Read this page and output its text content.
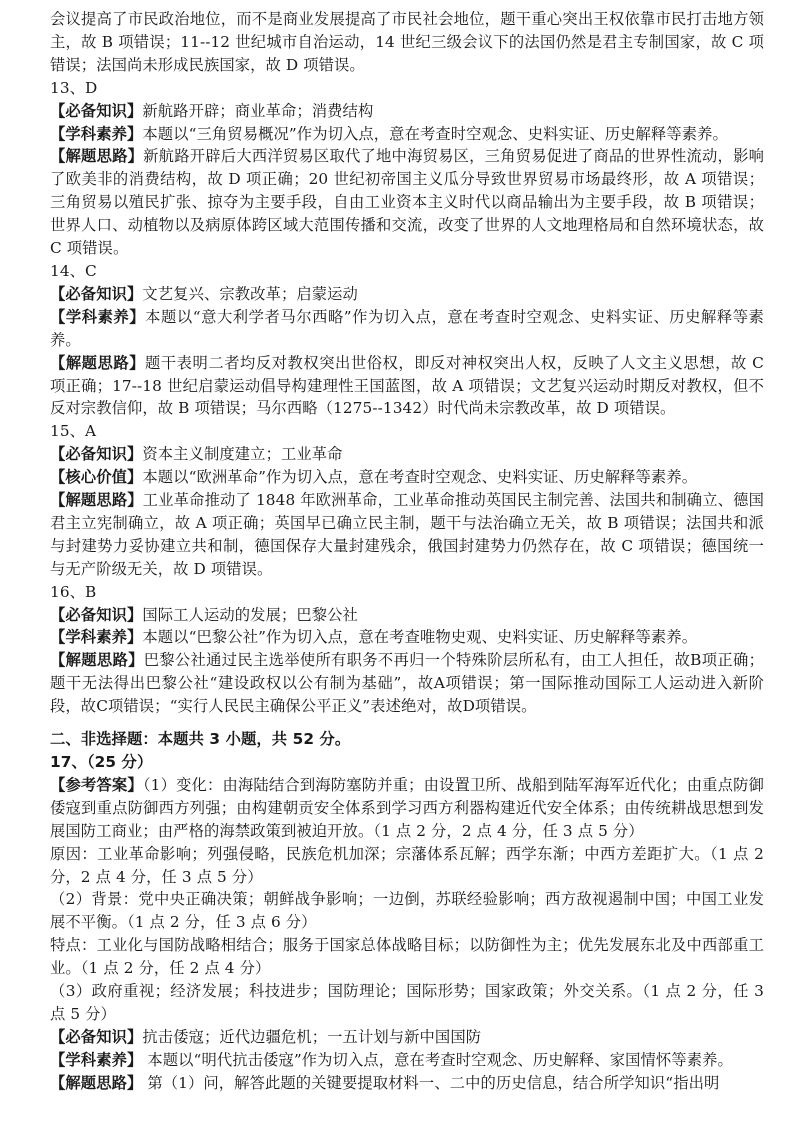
会议提高了市民政治地位，而不是商业发展提高了市民社会地位，题干重心突出王权依靠市民打击地方领主，故 B 项错误；11--12 世纪城市自治运动，14 世纪三级会议下的法国仍然是君主专制国家，故 C 项错误；法国尚未形成民族国家，故 D 项错误。

13、D

【必备知识】新航路开辟；商业革命；消费结构

【学科素养】本题以“三角贸易概况”作为切入点，意在考查时空观念、史料实证、历史解释等素养。

【解题思路】新航路开辟后大西洋贸易区取代了地中海贸易区，三角贸易促进了商品的世界性流动，影响了欧美非的消费结构，故 D 项正确；20 世纪初帝国主义瓜分导致世界贸易市场最终形，故 A 项错误；三角贸易以殖民扩张、掠夺为主要手段，自由工业资本主义时代以商品输出为主要手段，故 B 项错误；世界人口、动植物以及病原体跨区域大范围传播和交流，改变了世界的人文地理格局和自然环境状态，故 C 项错误。

14、C

【必备知识】文艺复兴、宗教改革；启蒙运动

【学科素养】本题以“意大利学者马尔西略”作为切入点，意在考查时空观念、史料实证、历史解释等素养。

【解题思路】题干表明二者均反对教权突出世俗权，即反对神权突出人权，反映了人文主义思想，故 C 项正确；17--18 世纪启蒙运动倡导构建理性王国蓝图，故 A 项错误；文艺复兴运动时期反对教权，但不反对宗教信仰，故 B 项错误；马尔西略（1275--1342）时代尚未宗教改革，故 D 项错误。

15、A

【必备知识】资本主义制度建立；工业革命

【核心价值】本题以“欧洲革命”作为切入点，意在考查时空观念、史料实证、历史解释等素养。

【解题思路】工业革命推动了 1848 年欧洲革命，工业革命推动英国民主制完善、法国共和制确立、德国君主立宪制确立，故 A 项正确；英国早已确立民主制，题干与法治确立无关，故 B 项错误；法国共和派与封建势力妥协建立共和制，德国保存大量封建残余，俄国封建势力仍然存在，故 C 项错误；德国统一与无产阶级无关，故 D 项错误。

16、B

【必备知识】国际工人运动的发展；巴黎公社

【学科素养】本题以“巴黎公社”作为切入点，意在考查唯物史观、史料实证、历史解释等素养。

【解题思路】巴黎公社通过民主选举使所有职务不再归一个特殊阶层所私有，由工人担任，故B项正确；题干无法得出巴黎公社“建设政权以公有制为基础”，故A项错误；第一国际推动国际工人运动进入新阶段，故C项错误；“实行人民民主确保公平正义”表述绝对，故D项错误。

二、非选择题：本题共 3 小题，共 52 分。

17、（25 分）

【参考答案】（1）变化：由海陆结合到海防塞防并重；由设置卫所、战船到陆军海军近代化；由重点防御倭寇到重点防御西方列强；由构建朝贡安全体系到学习西方利器构建近代安全体系；由传统耕战思想到发展国防工商业；由严格的海禁政策到被迫开放。（1 点 2 分，2 点 4 分，任 3 点 5 分）

原因：工业革命影响；列强侵略，民族危机加深；宗藩体系瓦解；西学东渐；中西方差距扩大。（1 点 2 分，2 点 4 分，任 3 点 5 分）

（2）背景：党中央正确决策；朝鲜战争影响；一边倒，苏联经验影响；西方敌视遏制中国；中国工业发展不平衡。（1 点 2 分，任 3 点 6 分）

特点：工业化与国防战略相结合；服务于国家总体战略目标；以防御性为主；优先发展东北及中西部重工业。（1 点 2 分，任 2 点 4 分）

（3）政府重视；经济发展；科技进步；国防理论；国际形势；国家政策；外交关系。（1 点 2 分，任 3 点 5 分）

【必备知识】抗击倭寇；近代边疆危机；一五计划与新中国国防

【学科素养】 本题以“明代抗击倭寇”作为切入点，意在考查时空观念、历史解释、家国情怀等素养。

【解题思路】 第（1）问，解答此题的关键要提取材料一、二中的历史信息，结合所学知识“指出明
